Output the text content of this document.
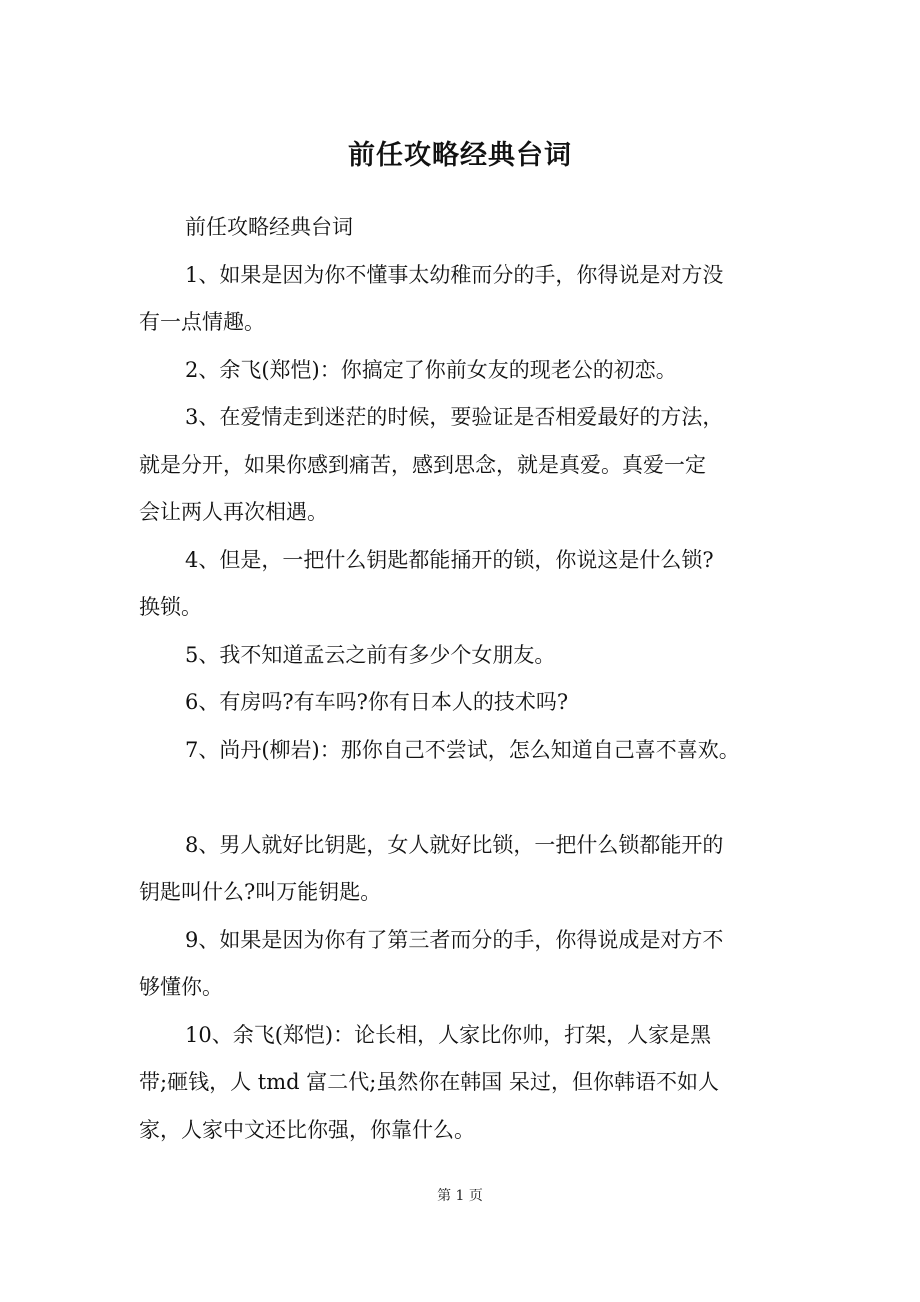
前任攻略经典台词

前任攻略经典台词

1、如果是因为你不懂事太幼稚而分的手，你得说是对方没
有一点情趣。

2、余飞(郑恺)：你搞定了你前女友的现老公的初恋。

3、在爱情走到迷茫的时候，要验证是否相爱最好的方法，
就是分开，如果你感到痛苦，感到思念，就是真爱。真爱一定
会让两人再次相遇。

4、但是，一把什么钥匙都能捅开的锁，你说这是什么锁?
换锁。

5、我不知道孟云之前有多少个女朋友。

6、有房吗?有车吗?你有日本人的技术吗?

7、尚丹(柳岩)：那你自己不尝试，怎么知道自己喜不喜欢。

8、男人就好比钥匙，女人就好比锁，一把什么锁都能开的
钥匙叫什么?叫万能钥匙。

9、如果是因为你有了第三者而分的手，你得说成是对方不
够懂你。

10、余飞(郑恺)：论长相，人家比你帅，打架，人家是黑
带;砸钱，人 tmd 富二代;虽然你在韩国 呆过，但你韩语不如人
家，人家中文还比你强，你靠什么。

第 1 页
